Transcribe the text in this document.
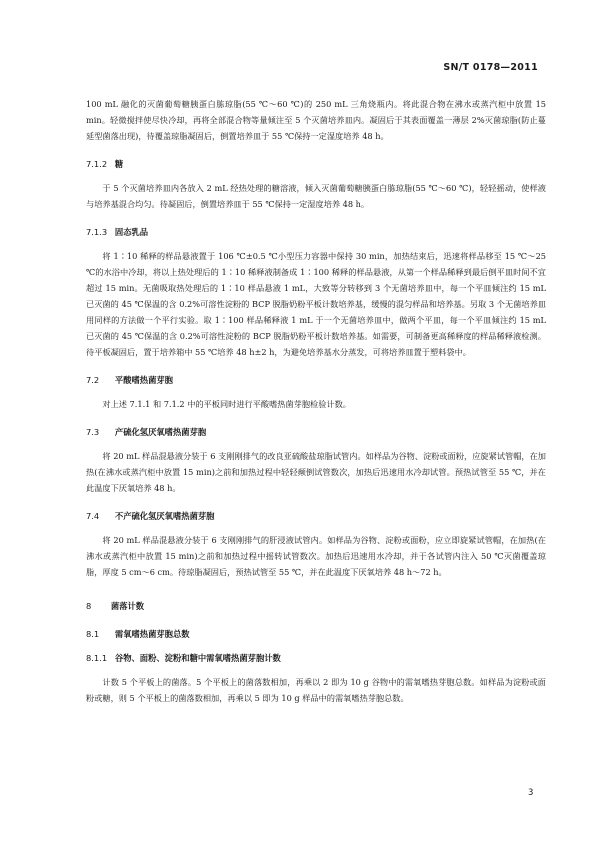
SN/T 0178—2011

100 mL 融化的灭菌葡萄糖胰蛋白胨琼脂(55 ℃～60 ℃)的 250 mL 三角烧瓶内。将此混合物在沸水或蒸汽柜中放置 15 min。轻微搅拌使尽快冷却，再将全部混合物等量倾注至 5 个灭菌培养皿内。凝固后于其表面覆盖一薄层 2%灭菌琼脂(防止蔓延型菌落出现)，待覆盖琼脂凝固后，倒置培养皿于 55 ℃保持一定湿度培养 48 h。

7.1.2 糖

于 5 个灭菌培养皿内各放入 2 mL 经热处理的糖溶液，倾入灭菌葡萄糖胰蛋白胨琼脂(55 ℃～60 ℃)，轻轻摇动，使样液与培养基混合均匀。待凝固后，倒置培养皿于 55 ℃保持一定湿度培养 48 h。

7.1.3 固态乳品

将 1∶10 稀释的样品悬液置于 106 ℃±0.5 ℃小型压力容器中保持 30 min，加热结束后，迅速将样品移至 15 ℃～25 ℃的水浴中冷却，将以上热处理后的 1∶10 稀释液制备成 1∶100 稀释的样品悬液，从第一个样品稀释到最后倒平皿时间不宜超过 15 min。无菌吸取热处理后的 1∶10 样品悬液 1 mL，大致等分转移到 3 个无菌培养皿中，每一个平皿倾注约 15 mL 已灭菌的 45 ℃保温的含 0.2%可溶性淀粉的 BCP 脱脂奶粉平板计数培养基，缓慢的混匀样品和培养基。另取 3 个无菌培养皿用同样的方法做一个平行实验。取 1∶100 样品稀释液 1 mL 于一个无菌培养皿中，做两个平皿，每一个平皿倾注约 15 mL 已灭菌的 45 ℃保温的含 0.2%可溶性淀粉的 BCP 脱脂奶粉平板计数培养基。如需要，可制备更高稀释度的样品稀释液检测。待平板凝固后，置于培养箱中 55 ℃培养 48 h±2 h，为避免培养基水分蒸发，可将培养皿置于塑料袋中。

7.2 平酸嗜热菌芽胞

对上述 7.1.1 和 7.1.2 中的平板同时进行平酸嗜热菌芽胞检验计数。

7.3 产硫化氢厌氧嗜热菌芽胞

将 20 mL 样品混悬液分装于 6 支刚刚排气的改良亚硫酸盐琼脂试管内。如样品为谷物、淀粉或面粉，应旋紧试管帽，在加热(在沸水或蒸汽柜中放置 15 min)之前和加热过程中轻轻颠倒试管数次，加热后迅速用水冷却试管。预热试管至 55 ℃，并在此温度下厌氧培养 48 h。

7.4 不产硫化氢厌氧嗜热菌芽胞

将 20 mL 样品混悬液分装于 6 支刚刚排气的肝浸液试管内。如样品为谷物、淀粉或面粉，应立即旋紧试管帽，在加热(在沸水或蒸汽柜中放置 15 min)之前和加热过程中摇转试管数次。加热后迅速用水冷却，并于各试管内注入 50 ℃灭菌覆盖琼脂，厚度 5 cm～6 cm。待琼脂凝固后，预热试管至 55 ℃，并在此温度下厌氧培养 48 h～72 h。

8 菌落计数
8.1 需氧嗜热菌芽胞总数
8.1.1 谷物、面粉、淀粉和糖中需氧嗜热菌芽胞计数

计数 5 个平板上的菌落。5 个平板上的菌落数相加，再乘以 2 即为 10 g 谷物中的需氧嗜热芽胞总数。如样品为淀粉或面粉或糖，则 5 个平板上的菌落数相加，再乘以 5 即为 10 g 样品中的需氧嗜热芽胞总数。

3
